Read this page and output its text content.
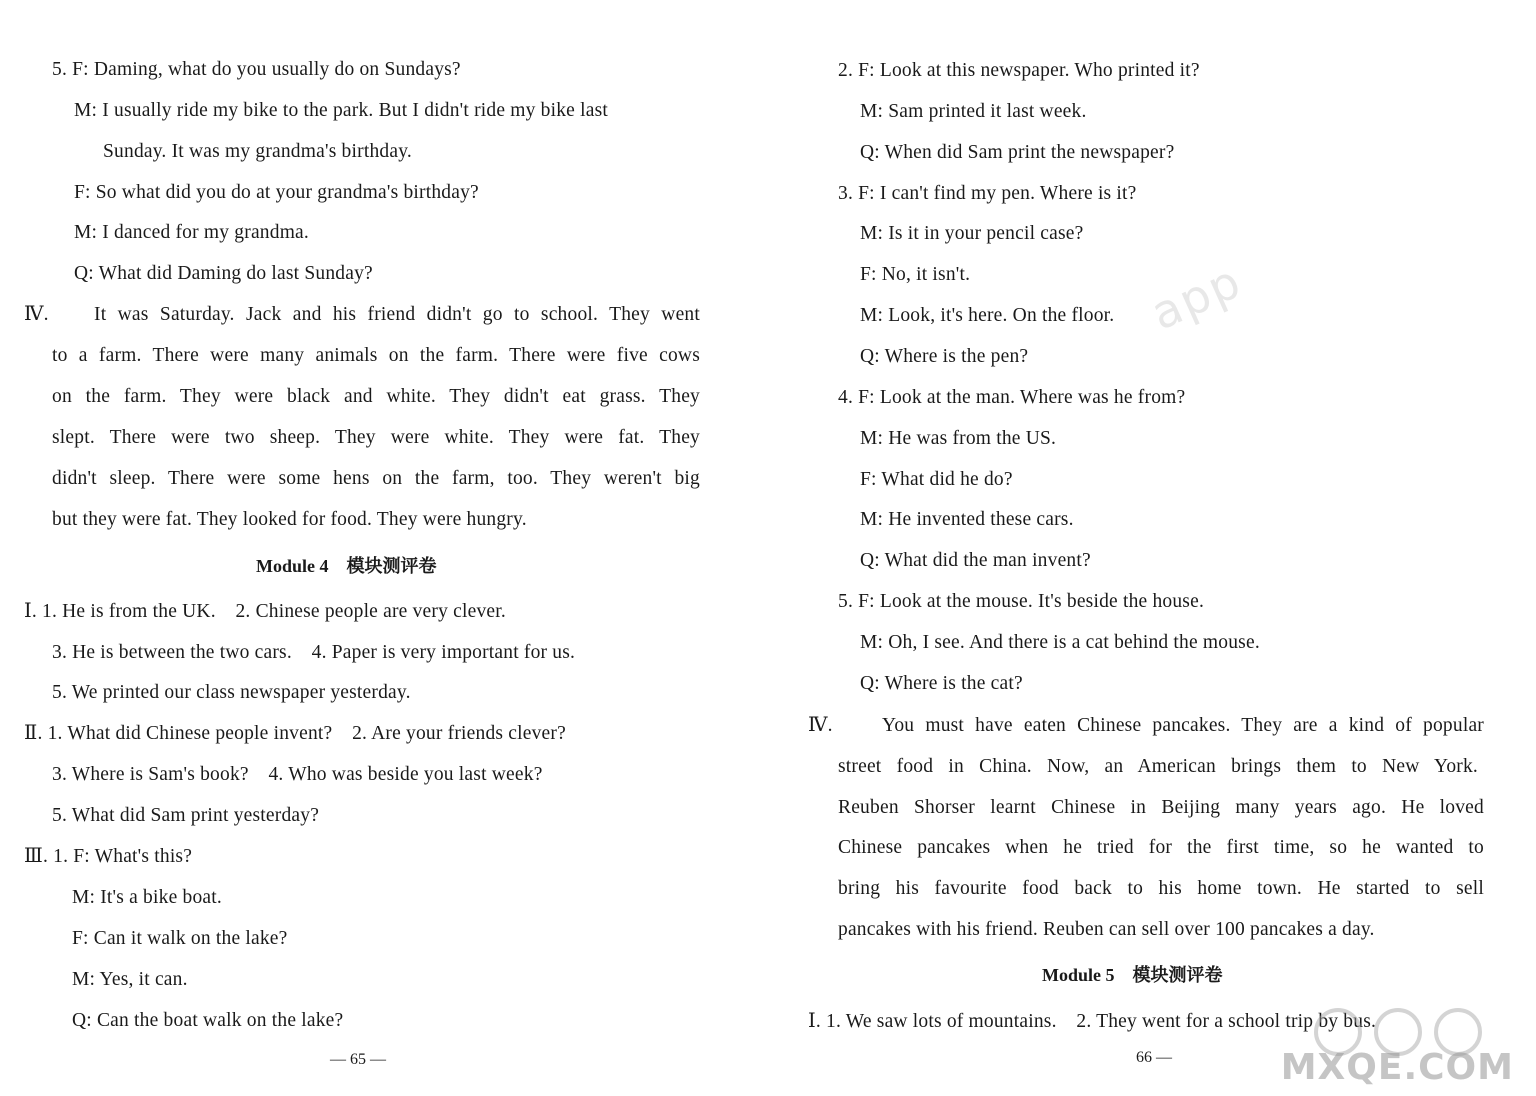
5. F: Daming, what do you usually do on Sundays?
M: I usually ride my bike to the park. But I didn't ride my bike last
Sunday. It was my grandma's birthday.
F: So what did you do at your grandma's birthday?
M: I danced for my grandma.
Q: What did Daming do last Sunday?
Ⅳ. It was Saturday. Jack and his friend didn't go to school. They went
to a farm. There were many animals on the farm. There were five cows
on the farm. They were black and white. They didn't eat grass. They
slept. There were two sheep. They were white. They were fat. They
didn't sleep. There were some hens on the farm, too. They weren't big
but they were fat. They looked for food. They were hungry.
Module 4　模块测评卷
Ⅰ. 1. He is from the UK.　2. Chinese people are very clever.
3. He is between the two cars.　4. Paper is very important for us.
5. We printed our class newspaper yesterday.
Ⅱ. 1. What did Chinese people invent?　2. Are your friends clever?
3. Where is Sam's book?　4. Who was beside you last week?
5. What did Sam print yesterday?
Ⅲ. 1. F: What's this?
M: It's a bike boat.
F: Can it walk on the lake?
M: Yes, it can.
Q: Can the boat walk on the lake?
— 65 —
2. F: Look at this newspaper. Who printed it?
M: Sam printed it last week.
Q: When did Sam print the newspaper?
3. F: I can't find my pen. Where is it?
M: Is it in your pencil case?
F: No, it isn't.
M: Look, it's here. On the floor.
Q: Where is the pen?
4. F: Look at the man. Where was he from?
M: He was from the US.
F: What did he do?
M: He invented these cars.
Q: What did the man invent?
5. F: Look at the mouse. It's beside the house.
M: Oh, I see. And there is a cat behind the mouse.
Q: Where is the cat?
Ⅳ.	You must have eaten Chinese pancakes. They are a kind of popular
street food in China. Now, an American brings them to New York.
Reuben Shorser learnt Chinese in Beijing many years ago. He loved
Chinese pancakes when he tried for the first time, so he wanted to
bring his favourite food back to his home town. He started to sell
pancakes with his friend. Reuben can sell over 100 pancakes a day.
Module 5　模块测评卷
Ⅰ. 1. We saw lots of mountains.　2. They went for a school trip by bus.
66 —
app
MXQE.COM
